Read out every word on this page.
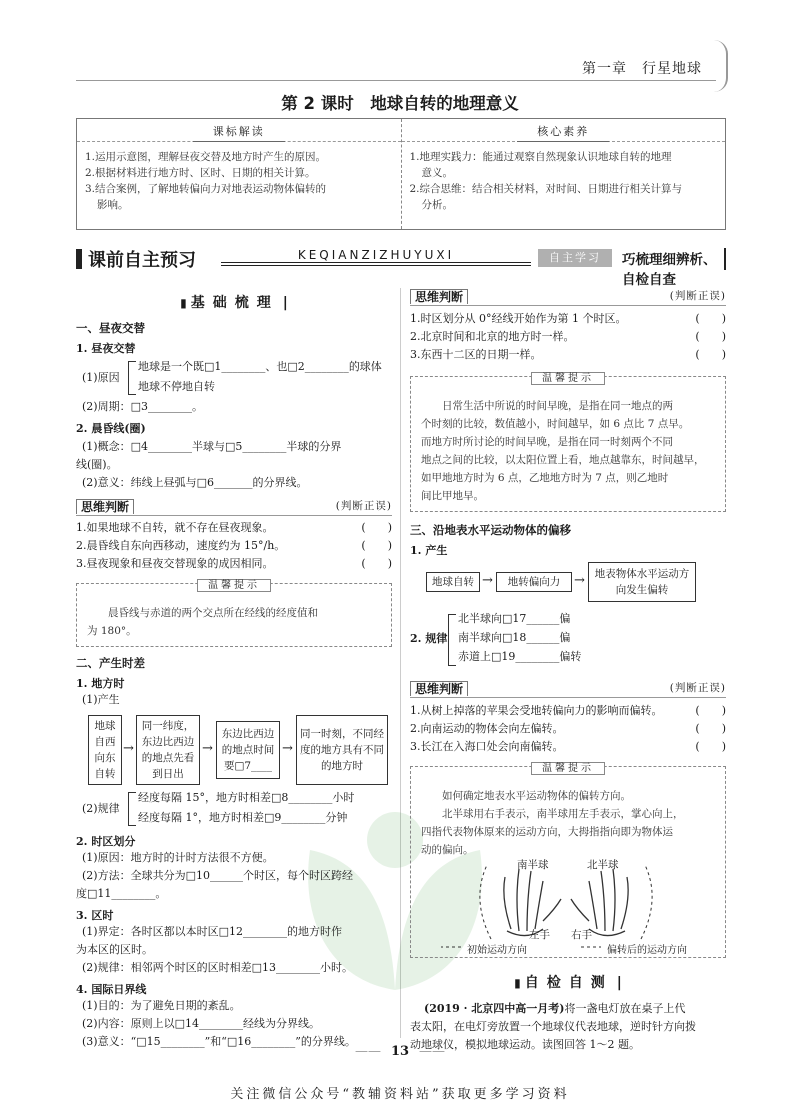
第一章　行星地球
第 2 课时　地球自转的地理意义
课标解读

1.运用示意图，理解昼夜交替及地方时产生的原因。

2.根据材料进行地方时、区时、日期的相关计算。

3.结合案例，了解地转偏向力对地表运动物体偏转的

影响。

核心素养

1.地理实践力：能通过观察自然现象认识地球自转的地理

意义。

2.综合思维：结合相关材料，对时间、日期进行相关计算与

分析。

课前自主预习	KEQIANZIZHUYUXI	自主学习	巧梳理细辨析、自检自查
▮ 基础梳理 |
一、昼夜交替
1. 昼夜交替
(1)原因
地球是一个既□1________、也□2________的球体
地球不停地自转
(2)周期：□3________。
2. 晨昏线(圈)
(1)概念：□4________半球与□5________半球的分界
线(圈)。
(2)意义：纬线上昼弧与□6_______的分界线。
思维判断	(判断正误)
1.如果地球不自转，就不存在昼夜现象。	(　　)
2.晨昏线自东向西移动，速度约为 15°/h。	(　　)
3.昼夜现象和昼夜交替现象的成因相同。	(　　)
温馨提示

晨昏线与赤道的两个交点所在经线的经度值和

为 180°。

二、产生时差
1. 地方时
(1)产生
地球自西向东自转
→
同一纬度，东边比西边的地点先看到日出
→
东边比西边的地点时间要□7____
→
同一时刻，不同经度的地方具有不同的地方时
(2)规律
经度每隔 15°，地方时相差□8________小时
经度每隔 1°，地方时相差□9________分钟
2. 时区划分
(1)原因：地方时的计时方法很不方便。
(2)方法：全球共分为□10______个时区，每个时区跨经
度□11________。
3. 区时
(1)界定：各时区都以本时区□12________的地方时作
为本区的区时。
(2)规律：相邻两个时区的区时相差□13________小时。
4. 国际日界线
(1)目的：为了避免日期的紊乱。
(2)内容：原则上以□14________经线为分界线。
(3)意义：“□15________”和“□16________”的分界线。
思维判断	(判断正误)
1.时区划分从 0°经线开始作为第 1 个时区。	(　　)
2.北京时间和北京的地方时一样。	(　　)
3.东西十二区的日期一样。	(　　)
温馨提示

日常生活中所说的时间早晚，是指在同一地点的两

个时刻的比较，数值越小，时间越早，如 6 点比 7 点早。

而地方时所讨论的时间早晚，是指在同一时刻两个不同

地点之间的比较，以太阳位置上看，地点越靠东，时间越早，

如甲地地方时为 6 点，乙地地方时为 7 点，则乙地时

间比甲地早。

三、沿地表水平运动物体的偏移
1. 产生
地球自转 →	地转偏向力	→ 地表物体水平运动方向发生偏转
2. 规律
北半球向□17______偏
南半球向□18______偏
赤道上□19________偏转
思维判断	(判断正误)
1.从树上掉落的苹果会受地转偏向力的影响而偏转。	(　　)
2.向南运动的物体会向左偏转。	(　　)
3.长江在入海口处会向南偏转。	(　　)
温馨提示

如何确定地表水平运动物体的偏转方向。

北半球用右手表示，南半球用左手表示，掌心向上，

四指代表物体原来的运动方向，大拇指指向即为物体运

动的偏向。

南半球	北半球
左手 右手
初始运动方向	偏转后的运动方向
▮ 自检自测 |
(2019 · 北京四中高一月考)将一盏电灯放在桌子上代
表太阳，在电灯旁放置一个地球仪代表地球，逆时针方向拨
动地球仪，模拟地球运动。读图回答 1～2 题。
—— 13 ——
关注微信公众号“教辅资料站”获取更多学习资料
